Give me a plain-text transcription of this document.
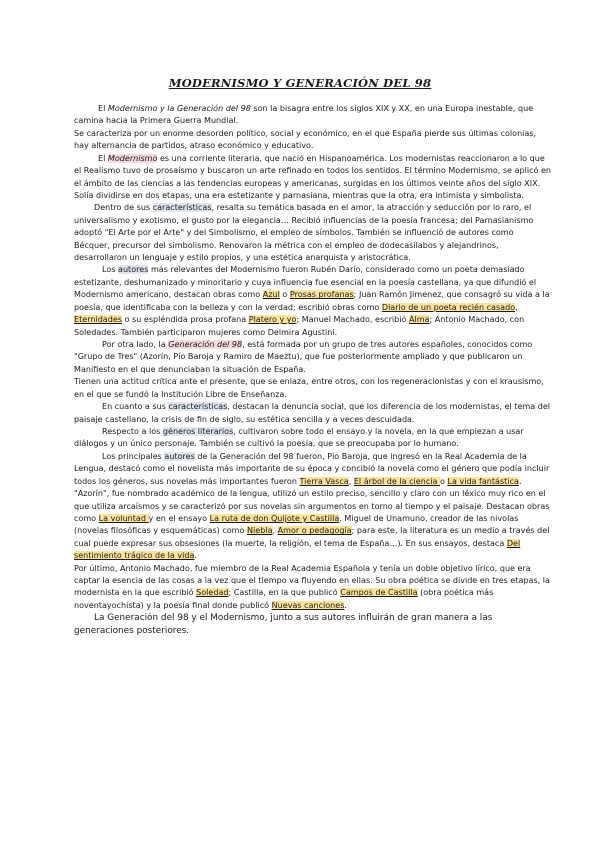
MODERNISMO Y GENERACIÓN DEL 98

El Modernismo y la Generación del 98 son la bisagra entre los siglos XIX y XX, en una Europa inestable, que camina hacia la Primera Guerra Mundial.

Se caracteriza por un enorme desorden político, social y económico, en el que España pierde sus últimas colonias, hay alternancia de partidos, atraso económico y educativo.

El Modernismo es una corriente literaria, que nació en Hispanoamérica. Los modernistas reaccionaron a lo que el Realismo tuvo de prosaísmo y buscaron un arte refinado en todos los sentidos. El término Modernismo, se aplicó en el ámbito de las ciencias a las tendencias europeas y americanas, surgidas en los últimos veinte años del siglo XIX. Solía dividirse en dos etapas, una era estetizante y parnasiana, mientras que la otra, era intimista y simbolista.

Dentro de sus características, resalta su temática basada en el amor, la atracción y seducción por lo raro, el universalismo y exotismo, el gusto por la elegancia… Recibió influencias de la poesía francesa; del Parnasianismo adoptó "El Arte por el Arte" y del Simbolismo, el empleo de símbolos. También se influenció de autores como Bécquer, precursor del simbolismo. Renovaron la métrica con el empleo de dodecasílabos y alejandrinos, desarrollaron un lenguaje y estilo propios, y una estética anarquista y aristocrática.

Los autores más relevantes del Modernismo fueron Rubén Darío, considerado como un poeta demasiado estetizante, deshumanizado y minoritario y cuya influencia fue esencial en la poesía castellana, ya que difundió el Modernismo americano, destacan obras como Azul o Prosas profanas; Juan Ramón Jimenez, que consagró su vida a la poesía, que identificaba con la belleza y con la verdad; escribió obras como Diario de un poeta recién casado, Eternidades o su espléndida prosa profana Platero y yo; Manuel Machado, escribió Alma; Antonio Machado, con Soledades. También participaron mujeres como Delmira Agustini.

Por otra lado, la Generación del 98, está formada por un grupo de tres autores españoles, conocidos como "Grupo de Tres" (Azorín, Pío Baroja y Ramiro de Maeztu), que fue posteriormente ampliado y que publicaron un Manifiesto en el que denunciaban la situación de España.

Tienen una actitud crítica ante el presente, que se enlaza, entre otros, con los regeneracionistas y con el krausismo, en el que se fundó la Institución Libre de Enseñanza.

En cuanto a sus características, destacan la denuncia social, que los diferencia de los modernistas, el tema del paisaje castellano, la crisis de fin de siglo, su estética sencilla y a veces descuidada.

Respecto a los géneros literarios, cultivaron sobre todo el ensayo y la novela, en la que empiezan a usar diálogos y un único personaje. También se cultivó la poesía, que se preocupaba por lo humano.

Los principales autores de la Generación del 98 fueron, Pío Baroja, que ingresó en la Real Academia de la Lengua, destacó como el novelista más importante de su época y concibió la novela como el género que podía incluir todos los géneros, sus novelas más importantes fueron Tierra Vasca, El árbol de la ciencia o La vida fantástica. "Azorín", fue nombrado académico de la lengua, utilizó un estilo preciso, sencillo y claro con un léxico muy rico en el que utiliza arcaísmos y se caracterizó por sus novelas sin argumentos en torno al tiempo y el paisaje. Destacan obras como La voluntad y en el ensayo La ruta de don Quijote y Castilla. Miguel de Unamuno, creador de las nivolas (novelas filosóficas y esquemáticas) como Niebla, Amor o pedagogía; para este, la literatura es un medio a través del cual puede expresar sus obsesiones (la muerte, la religión, el tema de España…). En sus ensayos, destaca Del sentimiento trágico de la vida.

Por último, Antonio Machado, fue miembro de la Real Academia Española y tenía un doble objetivo lírico, que era captar la esencia de las cosas a la vez que el tiempo va fluyendo en ellas. Su obra poética se divide en tres etapas, la modernista en la que escribió Soledad; Castilla, en la que publicó Campos de Castilla (obra poética más noventayochista) y la poesía final donde publicó Nuevas canciones.

La Generación del 98 y el Modernismo, junto a sus autores influirán de gran manera a las generaciones posteriores.
